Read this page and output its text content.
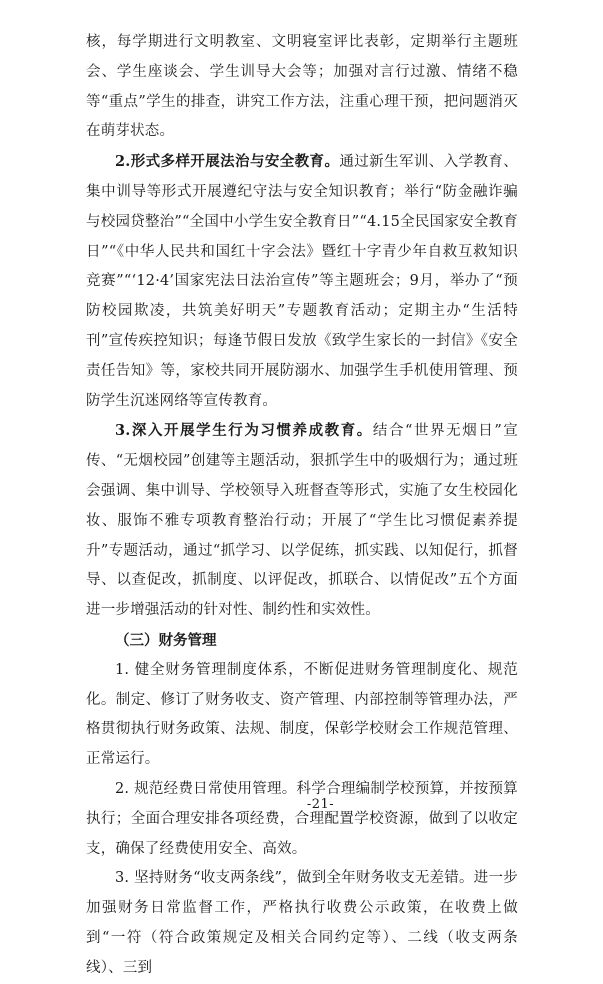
核，每学期进行文明教室、文明寝室评比表彰，定期举行主题班会、学生座谈会、学生训导大会等；加强对言行过激、情绪不稳等“重点”学生的排查，讲究工作方法，注重心理干预，把问题消灭在萌芽状态。

2.形式多样开展法治与安全教育。通过新生军训、入学教育、集中训导等形式开展遵纪守法与安全知识教育；举行“防金融诈骗与校园贷整治”“全国中小学生安全教育日”“4.15全民国家安全教育日”“《中华人民共和国红十字会法》暨红十字青少年自救互救知识竞赛”“‘12·4’国家宪法日法治宣传”等主题班会；9月，举办了“预防校园欺凌，共筑美好明天”专题教育活动；定期主办“生活特刊”宣传疾控知识；每逢节假日发放《致学生家长的一封信》《安全责任告知》等，家校共同开展防溺水、加强学生手机使用管理、预防学生沉迷网络等宣传教育。

3.深入开展学生行为习惯养成教育。结合“世界无烟日”宣传、“无烟校园”创建等主题活动，狠抓学生中的吸烟行为；通过班会强调、集中训导、学校领导入班督查等形式，实施了女生校园化妆、服饰不雅专项教育整治行动；开展了“学生比习惯促素养提升”专题活动，通过“抓学习、以学促练，抓实践、以知促行，抓督导、以查促改，抓制度、以评促改，抓联合、以情促改”五个方面进一步增强活动的针对性、制约性和实效性。

（三）财务管理

1. 健全财务管理制度体系，不断促进财务管理制度化、规范化。制定、修订了财务收支、资产管理、内部控制等管理办法，严格贯彻执行财务政策、法规、制度，保彰学校财会工作规范管理、正常运行。

2. 规范经费日常使用管理。科学合理编制学校预算，并按预算执行；全面合理安排各项经费，合理配置学校资源，做到了以收定支，确保了经费使用安全、高效。

3. 坚持财务“收支两条线”，做到全年财务收支无差错。进一步加强财务日常监督工作，严格执行收费公示政策，在收费上做到“一符（符合政策规定及相关合同约定等）、二线（收支两条线）、三到

-21-
